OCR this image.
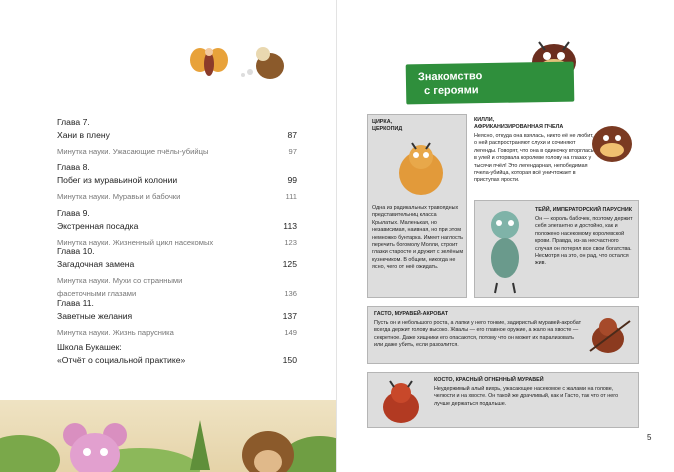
Глава 7.
Хани в плену	87
Минутка науки. Ужасающие пчёлы-убийцы	97
Глава 8.
Побег из муравьиной колонии	99
Минутка науки. Муравьи и бабочки	111
Глава 9.
Экстренная посадка	113
Минутка науки. Жизненный цикл насекомых	123
Глава 10.
Загадочная замена	125
Минутка науки. Мухи со странными
фасеточными глазами	136
Глава 11.
Заветные желания	137
Минутка науки. Жизнь парусника	149
Школа Букашек:
«Отчёт о социальной практике»	150
Знакомство
с героями
ЦИРКА,
ЦЕРКОПИД
Одна из радикальных травоядных представительниц класса Крылатых. Маленькая, но независимая, наивная, но при этом немножко бунтарка. Имеет наглость перечить богомолу Молли, строит глазки старосте и дружит с зелёным кузнечиком. В общем, никогда не ясно, чего от неё ожидать.
КИЛЛИ,
АФРИКАНИЗИРОВАННАЯ ПЧЕЛА
Неясно, откуда она взялась, никто её не любит, о ней распространяют слухи и сочиняют легенды. Говорят, что она в одиночку вторглась в улей и оторвала королеве голову на глазах у тысячи пчёл! Это легендарная, непобедимая пчела-убийца, которая всё уничтожает в приступах ярости.
ТЕЙЙ, ИМПЕРАТОРСКИЙ ПАРУСНИК
Он — король бабочек, поэтому держит себя элегантно и достойно, как и положено насекомому королевской крови. Правда, из-за несчастного случая он потерял все свои богатства. Несмотря на это, он рад, что остался жив.
ГАСТО, МУРАВЕЙ-АКРОБАТ
Пусть он и небольшого роста, а лапки у него тонкие, задиристый муравей-акробат всегда держит голову высоко. Жвалы — его главное оружие, а жало на хвосте — секретное. Даже хищники его опасаются, потому что он может их парализовать или даже убить, если разозлится.
КОСТО, КРАСНЫЙ ОГНЕННЫЙ МУРАВЕЙ
Неудержимый алый вихрь, ужасающее насекомое с жалами на голове, челюсти и на хвосте. Он такой же драчливый, как и Гасто, так что от него лучше держаться подальше.
5
